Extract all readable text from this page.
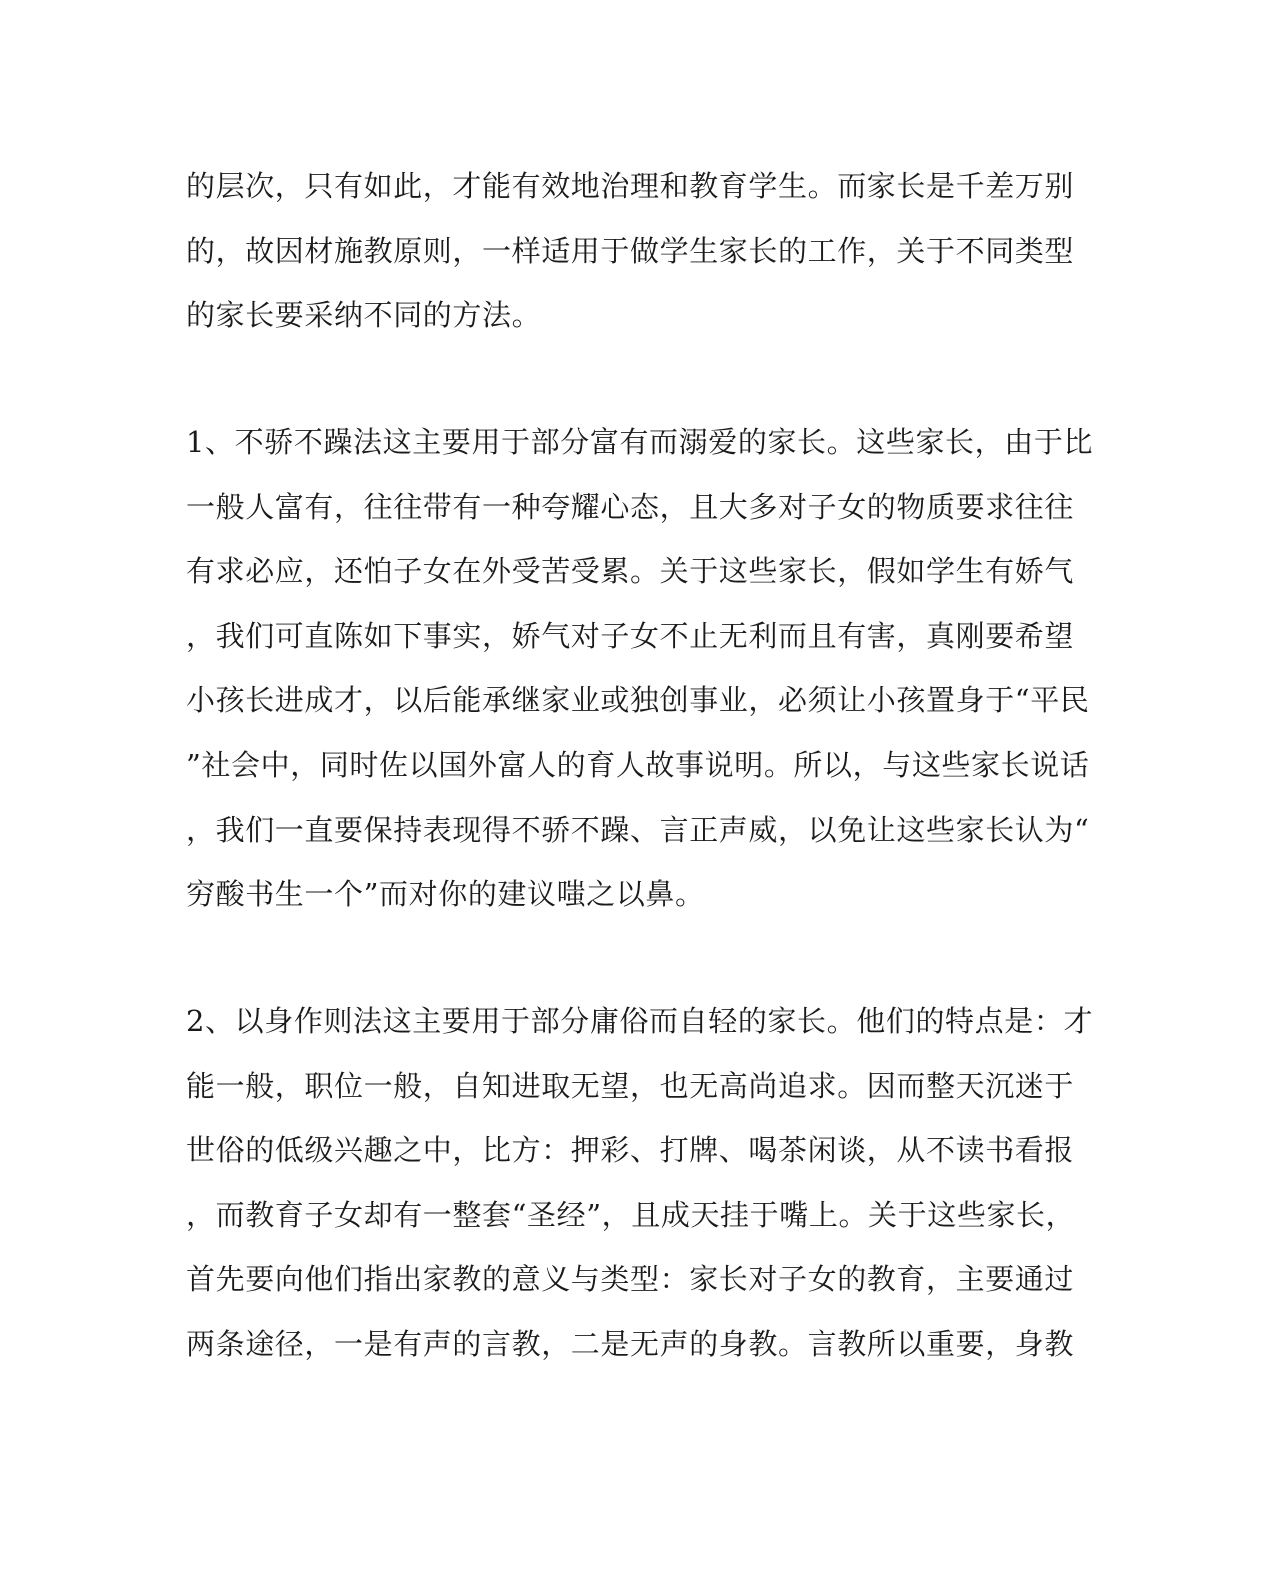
的层次，只有如此，才能有效地治理和教育学生。而家长是千差万别
的，故因材施教原则，一样适用于做学生家长的工作，关于不同类型
的家长要采纳不同的方法。
1、不骄不躁法这主要用于部分富有而溺爱的家长。这些家长，由于比
一般人富有，往往带有一种夸耀心态，且大多对子女的物质要求往往
有求必应，还怕子女在外受苦受累。关于这些家长，假如学生有娇气
，我们可直陈如下事实，娇气对子女不止无利而且有害，真刚要希望
小孩长进成才，以后能承继家业或独创事业，必须让小孩置身于“平民
”社会中，同时佐以国外富人的育人故事说明。所以，与这些家长说话
，我们一直要保持表现得不骄不躁、言正声威，以免让这些家长认为“
穷酸书生一个”而对你的建议嗤之以鼻。
2、以身作则法这主要用于部分庸俗而自轻的家长。他们的特点是：才
能一般，职位一般，自知进取无望，也无高尚追求。因而整天沉迷于
世俗的低级兴趣之中，比方：押彩、打牌、喝茶闲谈，从不读书看报
，而教育子女却有一整套“圣经”，且成天挂于嘴上。关于这些家长，
首先要向他们指出家教的意义与类型：家长对子女的教育，主要通过
两条途径，一是有声的言教，二是无声的身教。言教所以重要，身教
